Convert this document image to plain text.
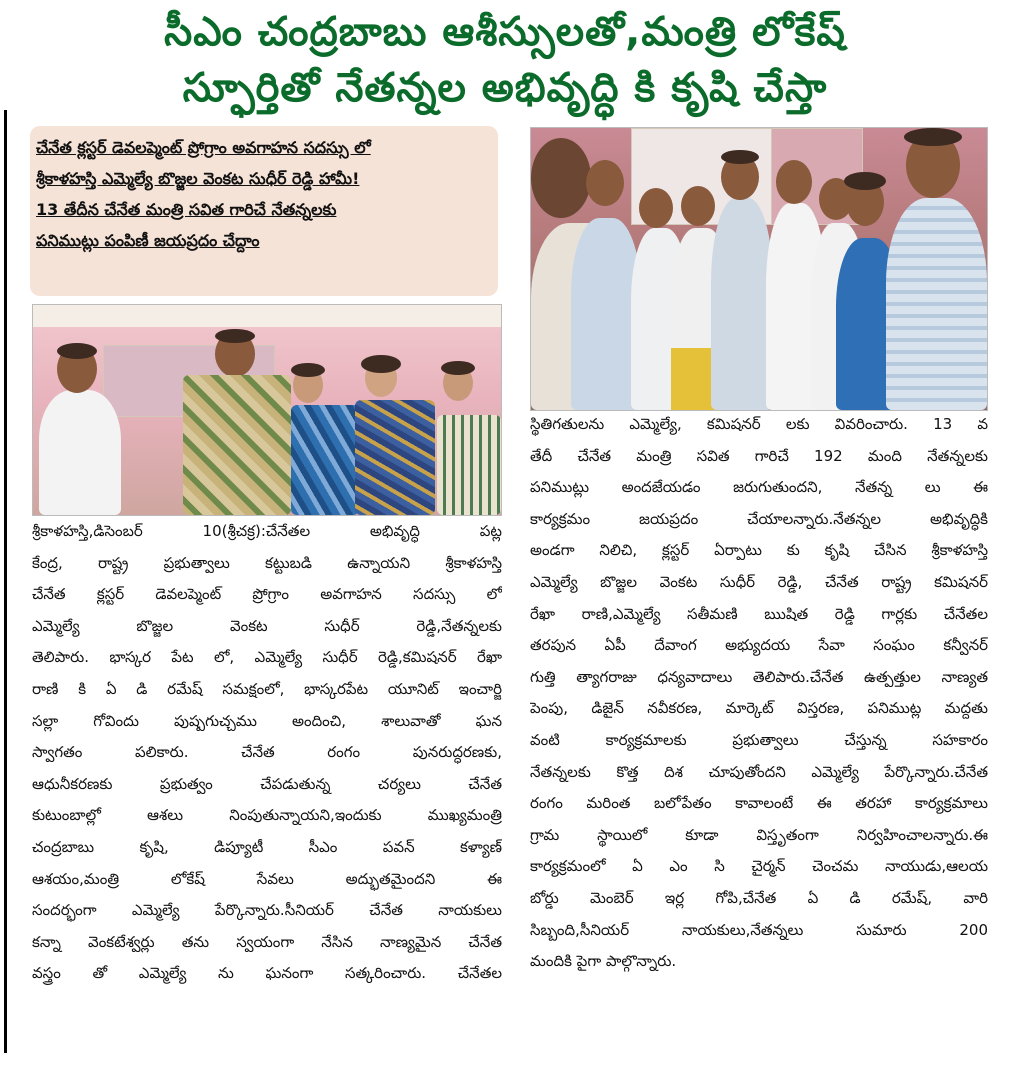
సీఎం చంద్రబాబు ఆశీస్సులతో,మంత్రి లోకేష్
స్ఫూర్తితో నేతన్నల అభివృద్ధి కి కృషి చేస్తా
చేనేత క్లస్టర్ డెవలప్మెంట్ ప్రోగ్రాం అవగాహన సదస్సు లో
శ్రీకాళహస్తి ఎమ్మెల్యే బొజ్జల వెంకట సుధీర్ రెడ్డి హామీ!
13 తేదీన చేనేత మంత్రి సవిత గారిచే నేతన్నలకు
పనిముట్లు పంపిణీ జయప్రదం చేద్దాం
శ్రీకాళహస్తి,డిసెంబర్ 10(శ్రీచక్ర):చేనేతల అభివృద్ధి పట్ల
కేంద్ర, రాష్ట్ర ప్రభుత్వాలు కట్టుబడి ఉన్నాయని శ్రీకాళహస్తి
చేనేత క్లస్టర్ డెవలప్మెంట్ ప్రోగ్రాం అవగాహన సదస్సు లో
ఎమ్మెల్యే బొజ్జల వెంకట సుధీర్ రెడ్డి,నేతన్నలకు
తెలిపారు. భాస్కర పేట లో, ఎమ్మెల్యే సుధీర్ రెడ్డి,కమిషనర్ రేఖా
రాణి కి ఏ డి రమేష్ సమక్షంలో, భాస్కరపేట యూనిట్ ఇంచార్జి
సల్లా గోవిందు పుష్పగుచ్చము అందించి, శాలువాతో ఘన
స్వాగతం పలికారు. చేనేత రంగం పునరుద్ధరణకు,
ఆధునీకరణకు ప్రభుత్వం చేపడుతున్న చర్యలు చేనేత
కుటుంబాల్లో ఆశలు నింపుతున్నాయని,ఇందుకు ముఖ్యమంత్రి
చంద్రబాబు కృషి, డిప్యూటీ సీఎం పవన్ కళ్యాణ్
ఆశయం,మంత్రి లోకేష్ సేవలు అద్భుతమైందని ఈ
సందర్భంగా ఎమ్మెల్యే పేర్కొన్నారు.సీనియర్ చేనేత నాయకులు
కన్నా వెంకటేశ్వర్లు తను స్వయంగా నేసిన నాణ్యమైన చేనేత
వస్త్రం తో ఎమ్మెల్యే ను ఘనంగా సత్కరించారు. చేనేతల
స్థితిగతులను ఎమ్మెల్యే, కమిషనర్ లకు వివరించారు. 13 వ
తేదీ చేనేత మంత్రి సవిత గారిచే 192 మంది నేతన్నలకు
పనిముట్లు అందజేయడం జరుగుతుందని, నేతన్న లు ఈ
కార్యక్రమం జయప్రదం చేయాలన్నారు.నేతన్నల అభివృద్ధికి
అండగా నిలిచి, క్లస్టర్ ఏర్పాటు కు కృషి చేసిన శ్రీకాళహస్తి
ఎమ్మెల్యే బొజ్జల వెంకట సుధీర్ రెడ్డి, చేనేత రాష్ట్ర కమిషనర్
రేఖా రాణి,ఎమ్మెల్యే సతీమణి ఋషిత రెడ్డి గార్లకు చేనేతల
తరపున ఏపీ దేవాంగ అభ్యుదయ సేవా సంఘం కన్వీనర్
గుత్తి త్యాగరాజు ధన్యవాదాలు తెలిపారు.చేనేత ఉత్పత్తుల నాణ్యత
పెంపు, డిజైన్ నవీకరణ, మార్కెట్ విస్తరణ, పనిముట్ల మద్దతు
వంటి కార్యక్రమాలకు ప్రభుత్వాలు చేస్తున్న సహకారం
నేతన్నలకు కొత్త దిశ చూపుతోందని ఎమ్మెల్యే పేర్కొన్నారు.చేనేత
రంగం మరింత బలోపేతం కావాలంటే ఈ తరహా కార్యక్రమాలు
గ్రామ స్థాయిలో కూడా విస్తృతంగా నిర్వహించాలన్నారు.ఈ
కార్యక్రమంలో ఏ ఎం సి చైర్మన్ చెంచమ నాయుడు,ఆలయ
బోర్డు మెంబెర్ ఇర్ల గోపి,చేనేత ఏ డి రమేష్, వారి
సిబ్బంది,సీనియర్ నాయకులు,నేతన్నలు సుమారు 200
మందికి పైగా పాల్గొన్నారు.
